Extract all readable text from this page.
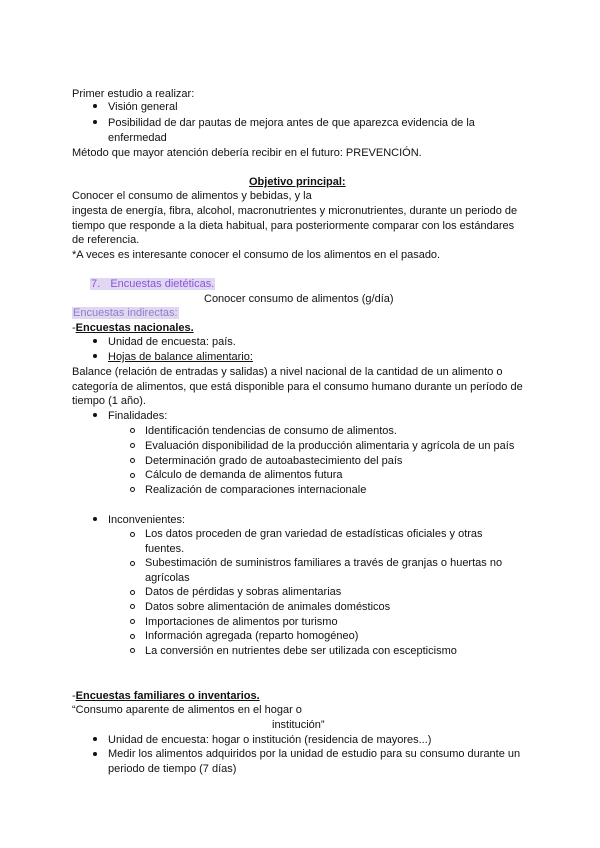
Primer estudio a realizar:
Visión general
Posibilidad de dar pautas de mejora antes de que aparezca evidencia de la
enfermedad
Método que mayor atención debería recibir en el futuro: PREVENCIÓN.
Objetivo principal:
Conocer el consumo de alimentos y bebidas, y la
ingesta de energía, fibra, alcohol, macronutrientes y micronutrientes, durante un periodo de
tiempo que responde a la dieta habitual, para posteriormente comparar con los estándares
de referencia.
*A veces es interesante conocer el consumo de los alimentos en el pasado.
7. Encuestas dietéticas.
Conocer consumo de alimentos (g/día)
Encuestas indirectas:
-Encuestas nacionales.
Unidad de encuesta: país.
Hojas de balance alimentario:
Balance (relación de entradas y salidas) a nivel nacional de la cantidad de un alimento o
categoría de alimentos, que está disponible para el consumo humano durante un período de
tiempo (1 año).
Finalidades:
Identificación tendencias de consumo de alimentos.
Evaluación disponibilidad de la producción alimentaria y agrícola de un país
Determinación grado de autoabastecimiento del país
Cálculo de demanda de alimentos futura
Realización de comparaciones internacionale
Inconvenientes:
Los datos proceden de gran variedad de estadísticas oficiales y otras
fuentes.
Subestimación de suministros familiares a través de granjas o huertas no
agrícolas
Datos de pérdidas y sobras alimentarias
Datos sobre alimentación de animales domésticos
Importaciones de alimentos por turismo
Información agregada (reparto homogéneo)
La conversión en nutrientes debe ser utilizada con escepticismo
-Encuestas familiares o inventarios.
“Consumo aparente de alimentos en el hogar o
institución”
Unidad de encuesta: hogar o institución (residencia de mayores...)
Medir los alimentos adquiridos por la unidad de estudio para su consumo durante un
periodo de tiempo (7 días)
